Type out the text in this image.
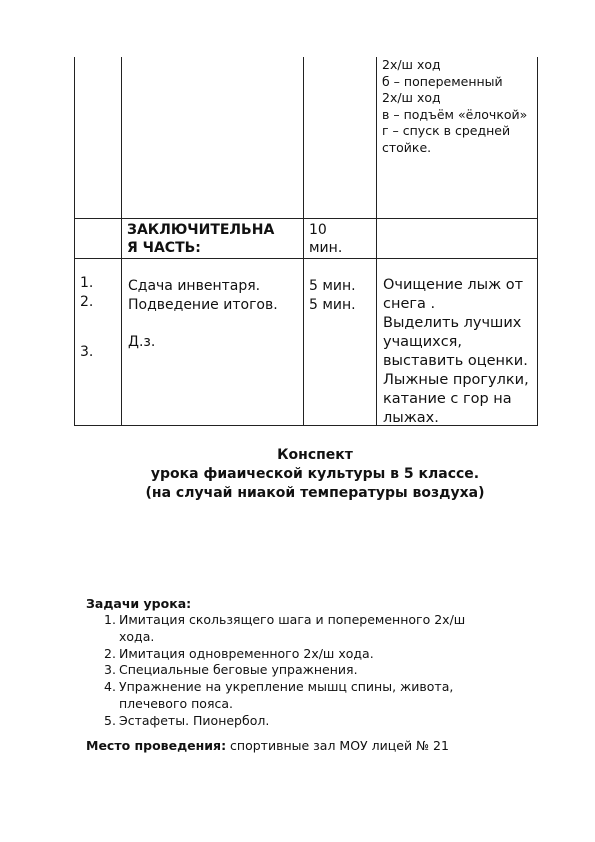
2х/ш ход
б – попеременный
2х/ш ход
в – подъём «ёлочкой»
г – спуск в средней
стойке.
ЗАКЛЮЧИТЕЛЬНА
Я ЧАСТЬ:
10
мин.
1.
2.
3.
Сдача инвентаря.
Подведение итогов.
Д.з.
5 мин.
5 мин.
Очищение лыж от
снега .
Выделить лучших
учащихся,
выставить оценки.
Лыжные прогулки,
катание с гор на
лыжах.
Конспект
урока фиаической культуры в 5 классе.
(на случай ниакой температуры воздуха)
Задачи урока:
1. Имитация скользящего шага и попеременного 2х/ш
хода.
2. Имитация одновременного 2х/ш хода.
3. Специальные беговые упражнения.
4. Упражнение на укрепление мышц спины, живота,
плечевого пояса.
5. Эстафеты. Пионербол.
Место проведения: спортивные зал МОУ лицей № 21
